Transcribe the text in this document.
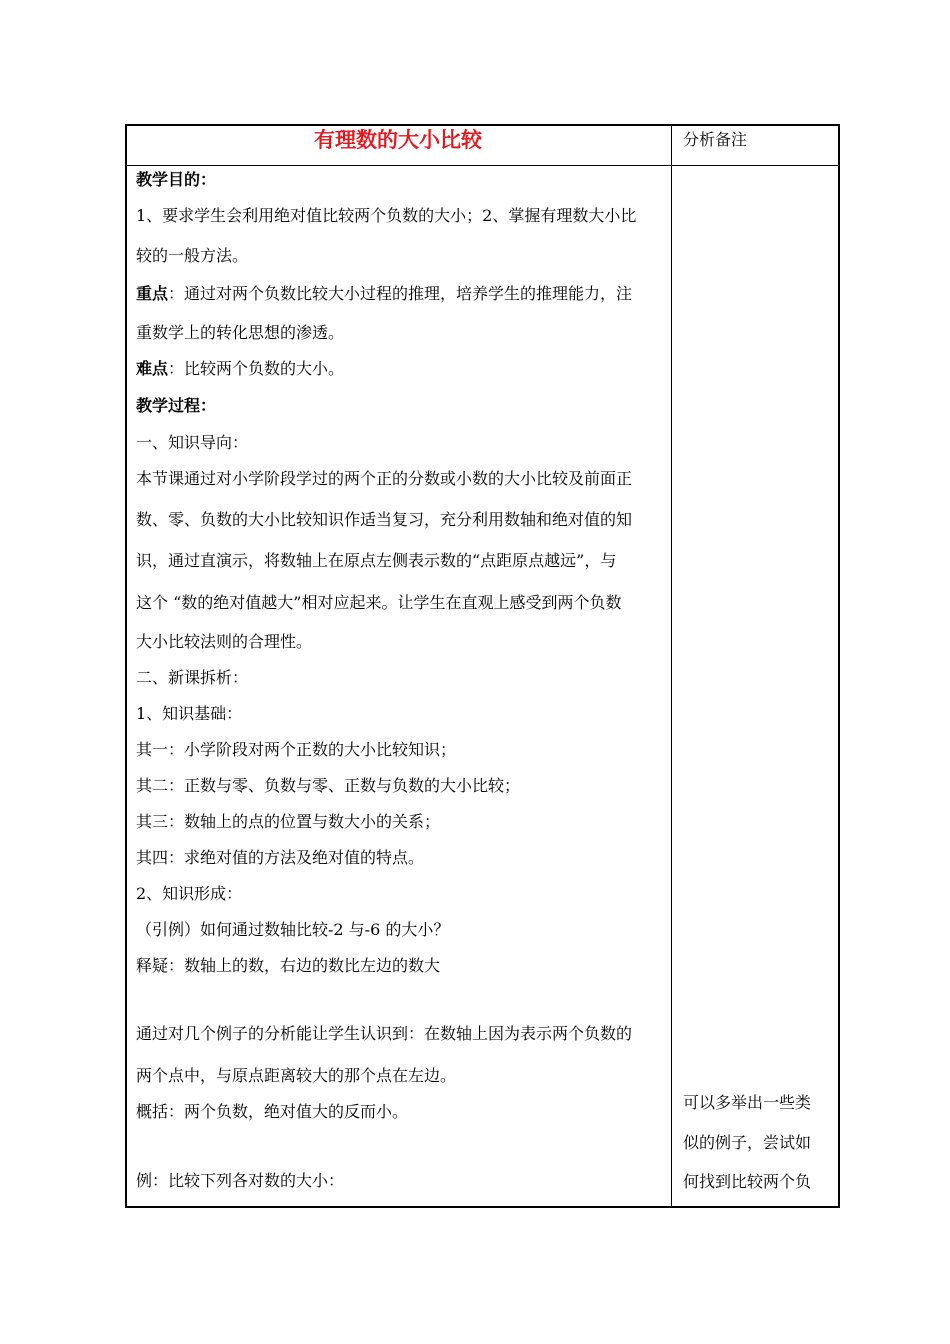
有理数的大小比较	分析备注
教学目的：
1、要求学生会利用绝对值比较两个负数的大小；2、掌握有理数大小比
较的一般方法。
重点：通过对两个负数比较大小过程的推理，培养学生的推理能力，注
重数学上的转化思想的渗透。
难点：比较两个负数的大小。
教学过程：
一、知识导向：
本节课通过对小学阶段学过的两个正的分数或小数的大小比较及前面正
数、零、负数的大小比较知识作适当复习，充分利用数轴和绝对值的知
识，通过直演示，将数轴上在原点左侧表示数的“点距原点越远”，与
这个 “数的绝对值越大”相对应起来。让学生在直观上感受到两个负数
大小比较法则的合理性。
二、新课拆析：
1、知识基础：
其一：小学阶段对两个正数的大小比较知识；
其二：正数与零、负数与零、正数与负数的大小比较；
其三：数轴上的点的位置与数大小的关系；
其四：求绝对值的方法及绝对值的特点。
2、知识形成：
（引例）如何通过数轴比较-2 与-6 的大小？
释疑：数轴上的数，右边的数比左边的数大
通过对几个例子的分析能让学生认识到：在数轴上因为表示两个负数的
两个点中，与原点距离较大的那个点在左边。
概括：两个负数，绝对值大的反而小。
例：比较下列各对数的大小：
可以多举出一些类
似的例子，尝试如
何找到比较两个负
